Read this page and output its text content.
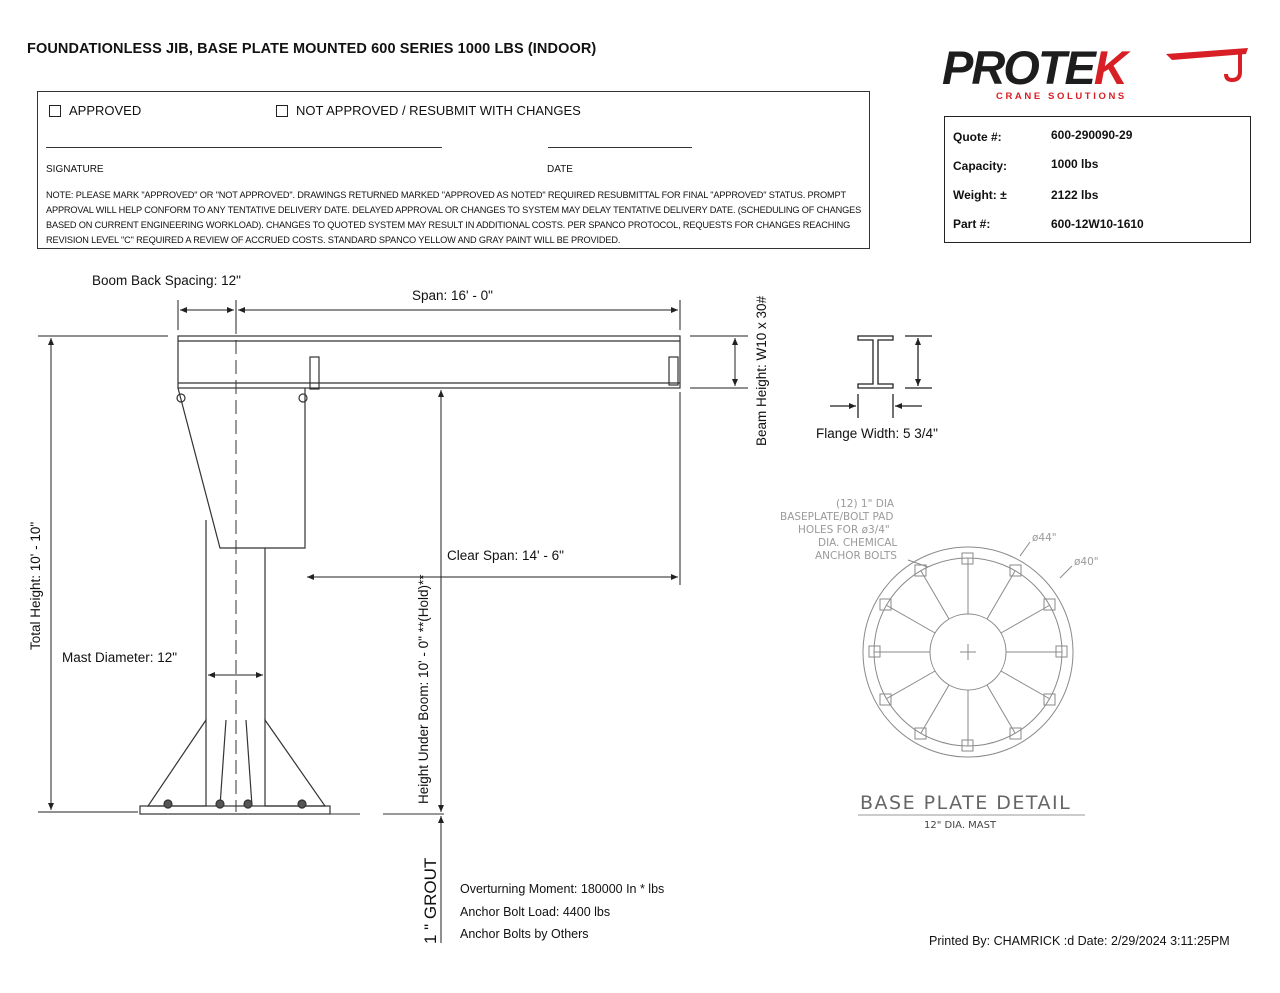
FOUNDATIONLESS JIB, BASE PLATE MOUNTED 600 SERIES 1000 LBS (INDOOR)	PROTEK
CRANE SOLUTIONS
APPROVED	NOT APPROVED / RESUBMIT WITH CHANGES
SIGNATURE	DATE
NOTE: PLEASE MARK "APPROVED" OR "NOT APPROVED". DRAWINGS RETURNED MARKED "APPROVED AS NOTED" REQUIRED RESUBMITTAL FOR FINAL "APPROVED" STATUS. PROMPT APPROVAL WILL HELP CONFORM TO ANY TENTATIVE DELIVERY DATE. DELAYED APPROVAL OR CHANGES TO SYSTEM MAY DELAY TENTATIVE DELIVERY DATE. (SCHEDULING OF CHANGES BASED ON CURRENT ENGINEERING WORKLOAD). CHANGES TO QUOTED SYSTEM MAY RESULT IN ADDITIONAL COSTS. PER SPANCO PROTOCOL, REQUESTS FOR CHANGES REACHING REVISION LEVEL "C" REQUIRED A REVIEW OF ACCRUED COSTS. STANDARD SPANCO YELLOW AND GRAY PAINT WILL BE PROVIDED.
Quote #:	600-290090-29
Capacity:	1000 lbs
Weight: ±	2122 lbs
Part #:	600-12W10-1610
Total Height: 10' - 10"
Boom Back Spacing: 12"
Span: 16' - 0"
Beam Height: W10 x 30#	Flange Width: 5 3/4"
Clear Span: 14' - 6"
Height Under Boom: 10' - 0" **(Hold)**
Mast Diameter: 12"
1 " GROUT
(12) 1" DIA
BASEPLATE/BOLT PAD
HOLES FOR ø3/4"
DIA. CHEMICAL
ANCHOR BOLTS
ø44"
ø40"
BASE PLATE DETAIL
12" DIA. MAST
Overturning Moment: 180000 In * lbs
Anchor Bolt Load: 4400 lbs
Anchor Bolts by Others	Printed By: CHAMRICK :d Date: 2/29/2024 3:11:25PM
